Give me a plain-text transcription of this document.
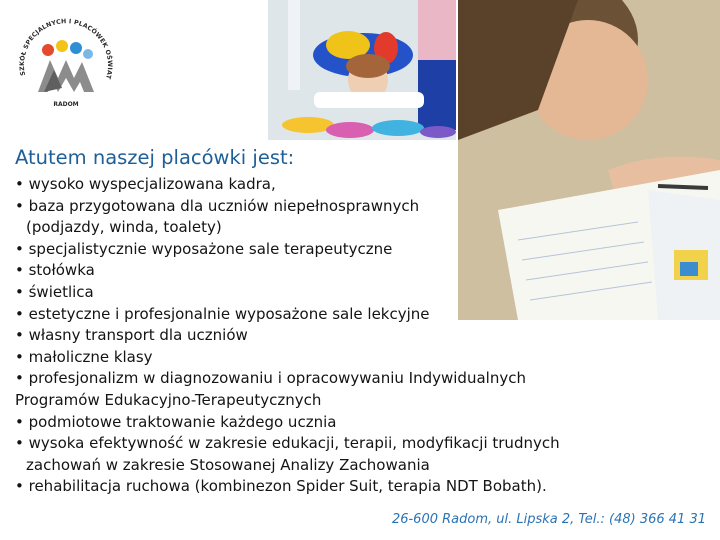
SZKÓŁ SPECJALNYCH I PLACÓWEK OŚWIAT
RADOM
Atutem naszej placówki jest:
• wysoko wyspecjalizowana kadra,
• baza przygotowana dla uczniów niepełnosprawnych
(podjazdy, winda, toalety)
• specjalistycznie wyposażone sale terapeutyczne
• stołówka
• świetlica
• estetyczne i profesjonalnie wyposażone sale lekcyjne
• własny transport dla uczniów
• małoliczne klasy
• profesjonalizm w diagnozowaniu i opracowywaniu Indywidualnych
Programów Edukacyjno-Terapeutycznych
• podmiotowe traktowanie każdego ucznia
• wysoka efektywność w zakresie edukacji, terapii, modyfikacji trudnych
zachowań w zakresie Stosowanej Analizy Zachowania
• rehabilitacja ruchowa (kombinezon Spider Suit, terapia NDT Bobath).
26-600 Radom, ul. Lipska 2, Tel.: (48) 366 41 31
